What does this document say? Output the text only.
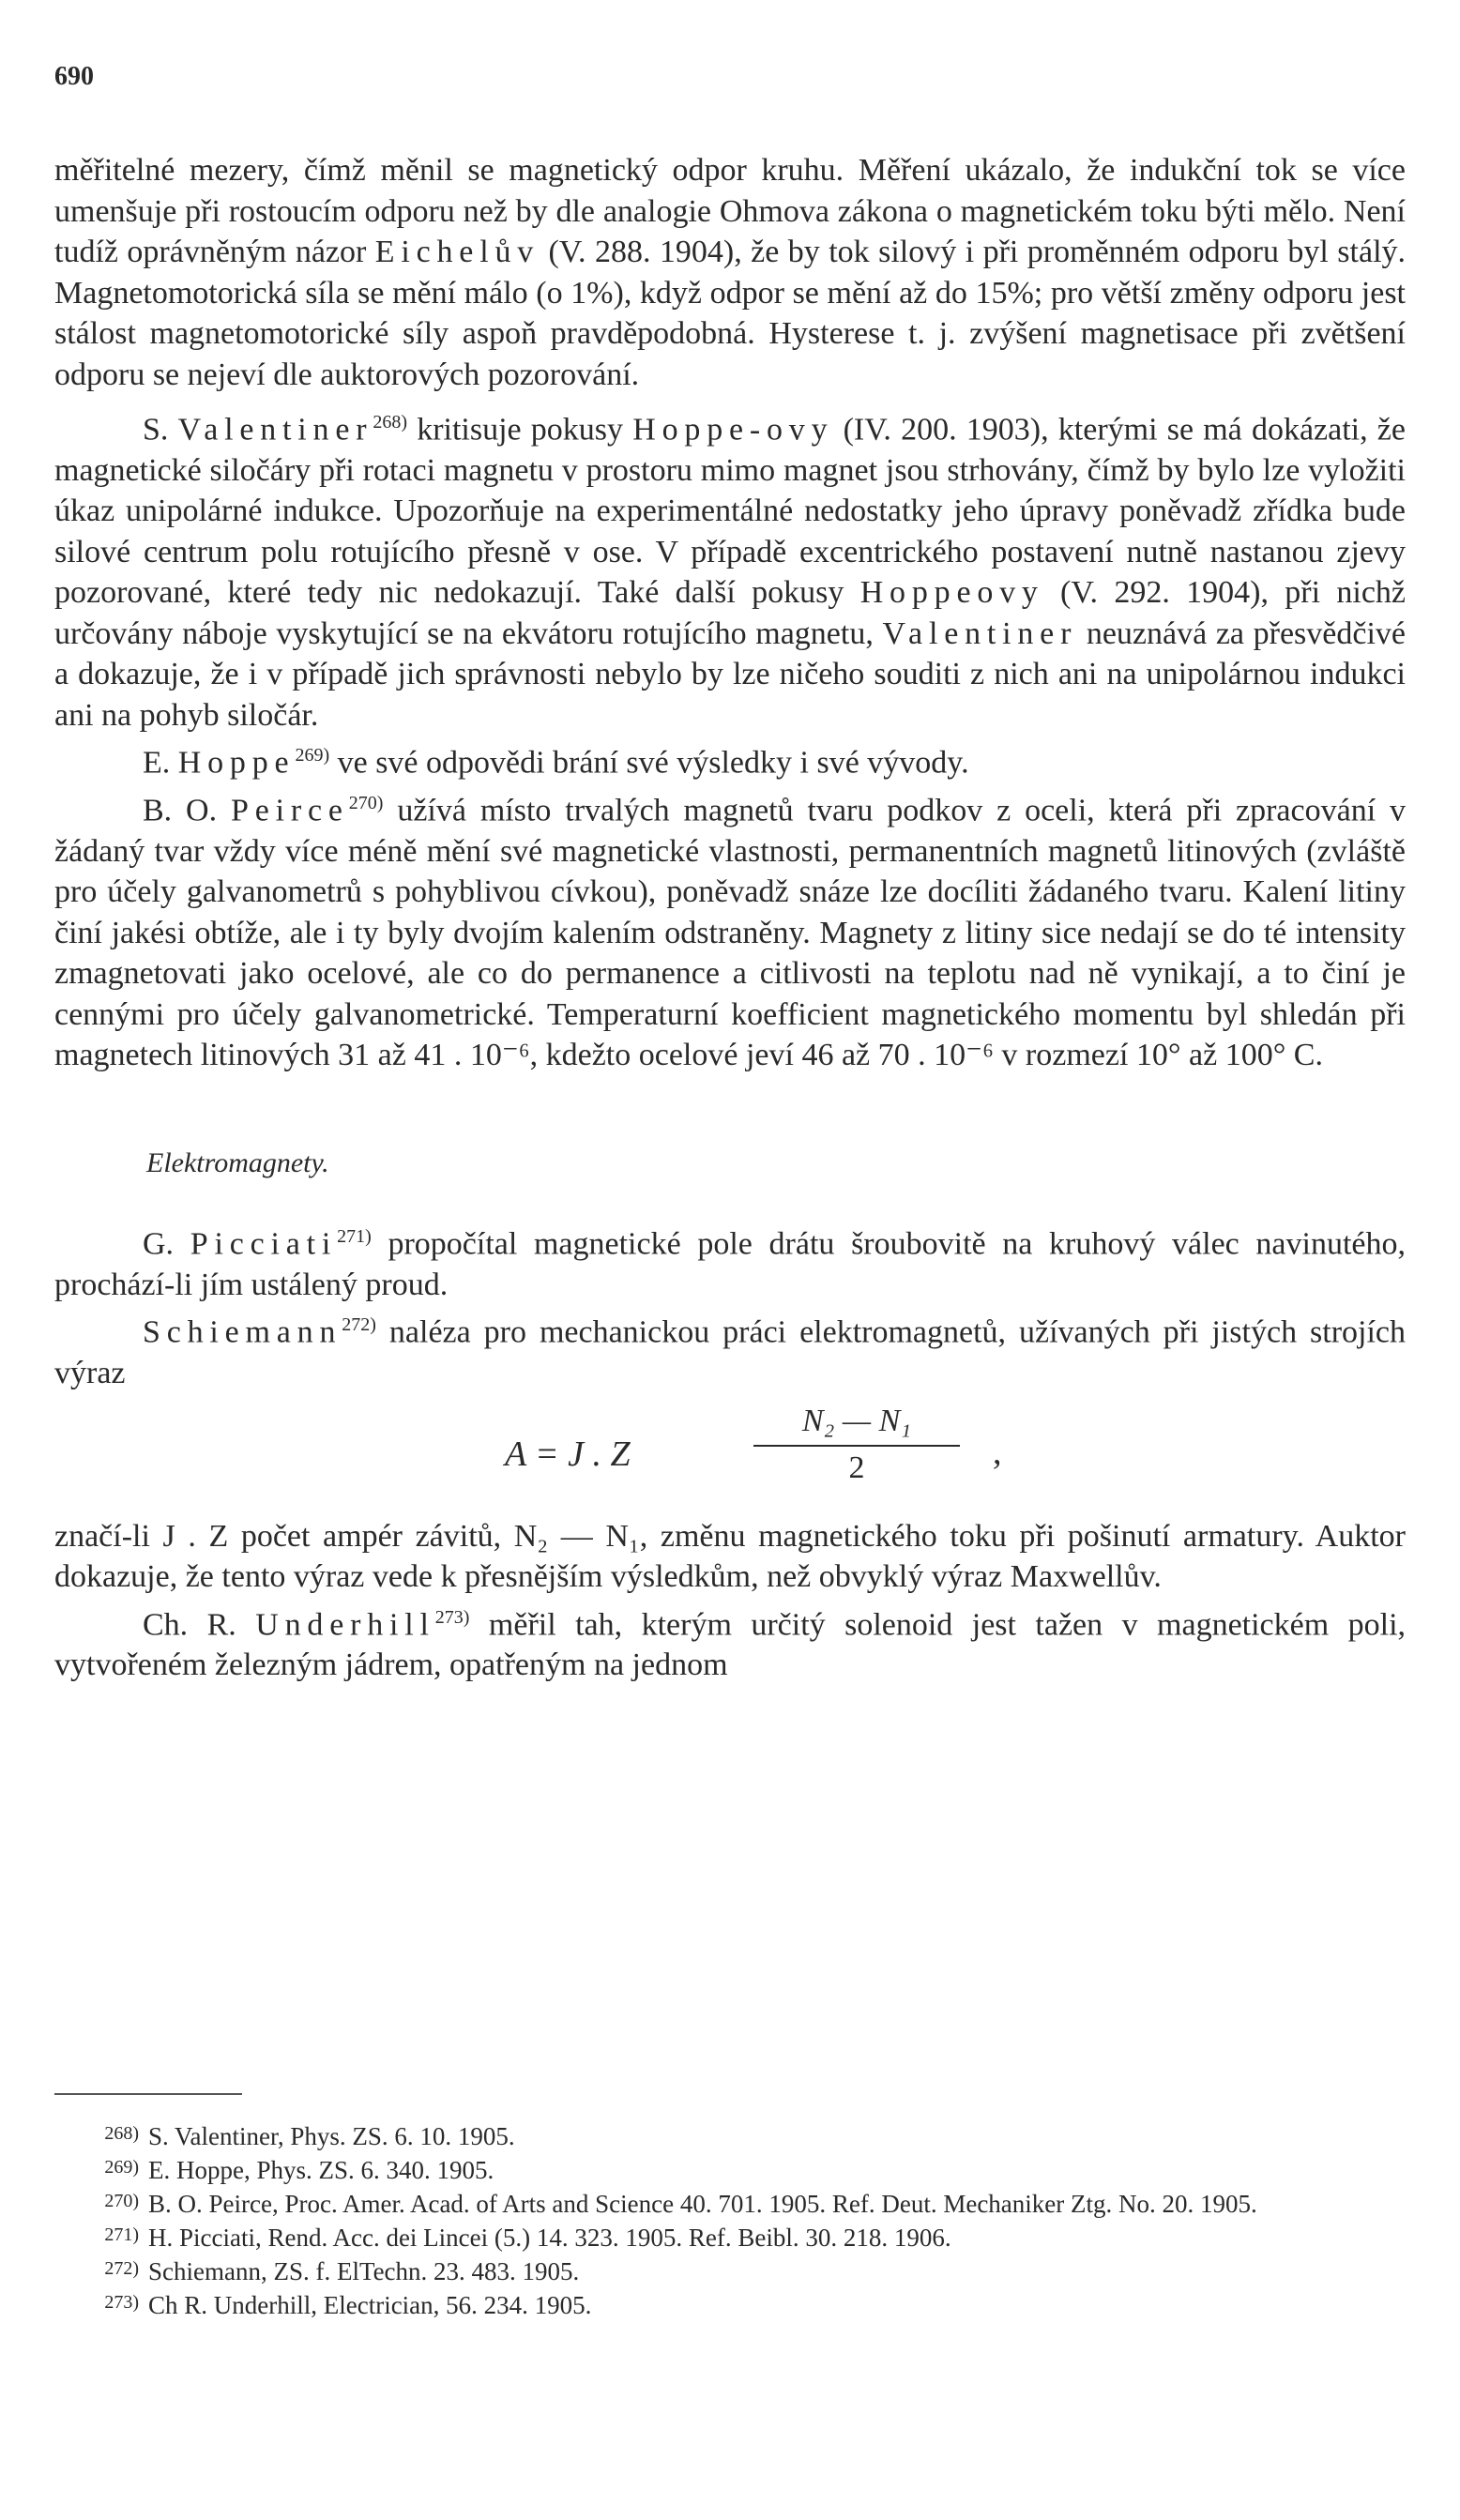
690

měřitelné mezery, čímž měnil se magnetický odpor kruhu. Měření ukázalo, že indukční tok se více umenšuje při rostoucím odporu než by dle analogie Ohmova zákona o magnetickém toku býti mělo. Není tudíž oprávněným názor Eichelův (V. 288. 1904), že by tok silový i při proměnném odporu byl stálý. Magnetomotorická síla se mění málo (o 1%), když odpor se mění až do 15%; pro větší změny odporu jest stálost magnetomotorické síly aspoň pravděpodobná. Hysterese t. j. zvýšení magnetisace při zvětšení odporu se nejeví dle auktorových pozorování.

S. Valentiner$^{268)}$ kritisuje pokusy Hoppe-ovy (IV. 200. 1903), kterými se má dokázati, že magnetické siločáry při rotaci magnetu v prostoru mimo magnet jsou strhovány, čímž by bylo lze vyložiti úkaz unipolárné indukce. Upozorňuje na experimentálné nedostatky jeho úpravy poněvadž zřídka bude silové centrum polu rotujícího přesně v ose. V případě excentrického postavení nutně nastanou zjevy pozorované, které tedy nic nedokazují. Také další pokusy Hoppeovy (V. 292. 1904), při nichž určovány náboje vyskytující se na ekvátoru rotujícího magnetu, Valentiner neuznává za přesvědčivé a dokazuje, že i v případě jich správnosti nebylo by lze ničeho souditi z nich ani na unipolárnou indukci ani na pohyb siločár.

E. Hoppe$^{269)}$ ve své odpovědi brání své výsledky i své vývody.

B. O. Peirce$^{270)}$ užívá místo trvalých magnetů tvaru podkov z oceli, která při zpracování v žádaný tvar vždy více méně mění své magnetické vlastnosti, permanentních magnetů litinových (zvláště pro účely galvanometrů s pohyblivou cívkou), poněvadž snáze lze docíliti žádaného tvaru. Kalení litiny činí jakési obtíže, ale i ty byly dvojím kalením odstraněny. Magnety z litiny sice nedají se do té intensity zmagnetovati jako ocelové, ale co do permanence a citlivosti na teplotu nad ně vynikají, a to činí je cennými pro účely galvanometrické. Temperaturní koefficient magnetického momentu byl shledán při magnetech litinových 31 až 41 . 10⁻⁶, kdežto ocelové jeví 46 až 70 . 10⁻⁶ v rozmezí 10° až 100° C.

Elektromagnety.

G. Picciati$^{271)}$ propočítal magnetické pole drátu šroubovitě na kruhový válec navinutého, prochází-li jím ustálený proud.

Schiemann$^{272)}$ naléza pro mechanickou práci elektromagnetů, užívaných při jistých strojích výraz

A = J . Z	$\frac{\text{N₂ — N₁}}{2}$ ,

značí-li J . Z počet ampér závitů, N₂ — N₁, změnu magnetického toku při pošinutí armatury. Auktor dokazuje, že tento výraz vede k přesnějším výsledkům, než obvyklý výraz Maxwellův.

Ch. R. Underhill$^{273)}$ měřil tah, kterým určitý solenoid jest tažen v magnetickém poli, vytvořeném železným jádrem, opatřeným na jednom

268) S. Valentiner, Phys. ZS. 6. 10. 1905.

269) E. Hoppe, Phys. ZS. 6. 340. 1905.

270) B. O. Peirce, Proc. Amer. Acad. of Arts and Science 40. 701. 1905. Ref. Deut. Mechaniker Ztg. No. 20. 1905.

271) H. Picciati, Rend. Acc. dei Lincei (5.) 14. 323. 1905. Ref. Beibl. 30. 218. 1906.

272) Schiemann, ZS. f. ElTechn. 23. 483. 1905.

273) Ch R. Underhill, Electrician, 56. 234. 1905.
